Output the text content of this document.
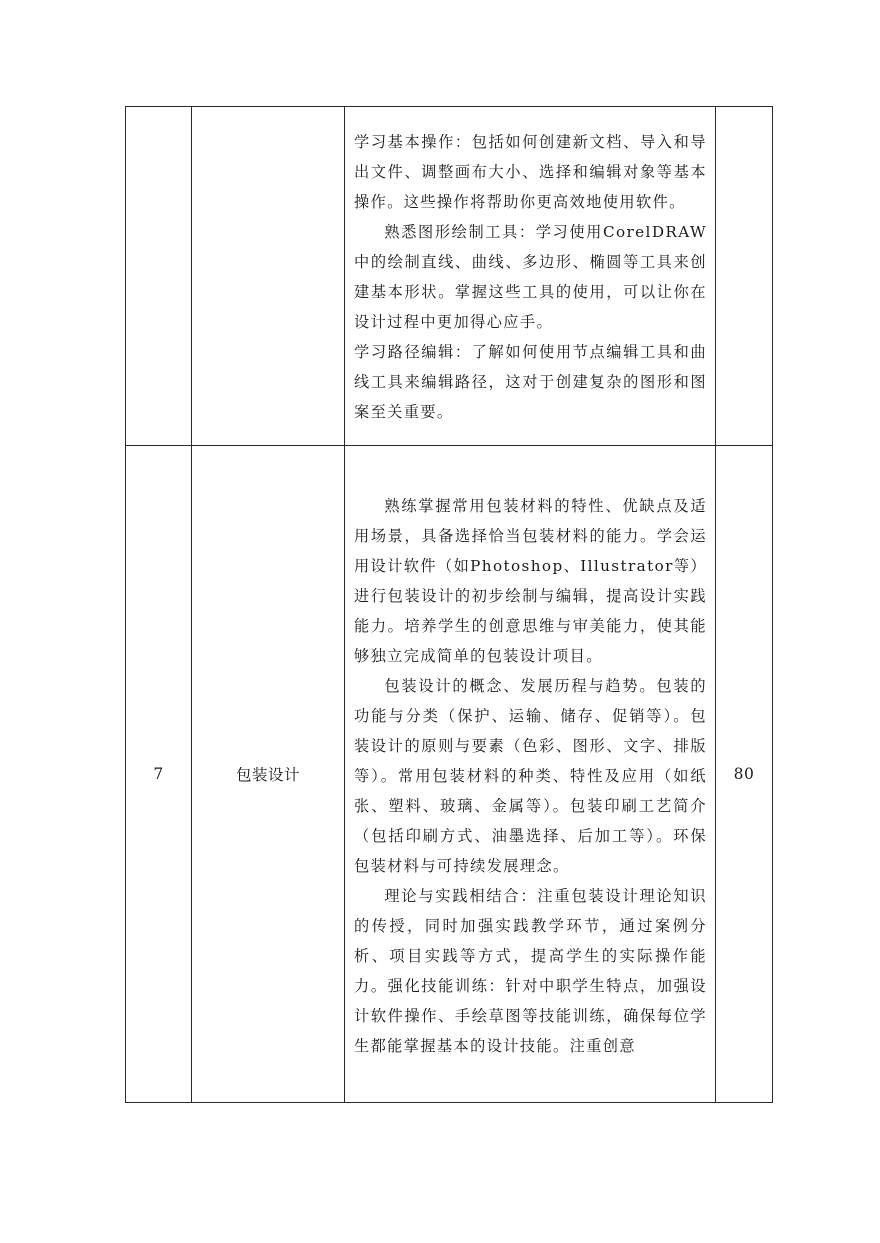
		学习基本操作：包括如何创建新文档、导入和导出文件、调整画布大小、选择和编辑对象等基本操作。这些操作将帮助你更高效地使用软件。

熟悉图形绘制工具：学习使用CorelDRAW中的绘制直线、曲线、多边形、椭圆等工具来创建基本形状。掌握这些工具的使用，可以让你在设计过程中更加得心应手。

学习路径编辑：了解如何使用节点编辑工具和曲线工具来编辑路径，这对于创建复杂的图形和图案至关重要。	

7	包装设计	熟练掌握常用包装材料的特性、优缺点及适用场景，具备选择恰当包装材料的能力。学会运用设计软件（如Photoshop、Illustrator等）进行包装设计的初步绘制与编辑，提高设计实践能力。培养学生的创意思维与审美能力，使其能够独立完成简单的包装设计项目。

包装设计的概念、发展历程与趋势。包装的功能与分类（保护、运输、储存、促销等）。包装设计的原则与要素（色彩、图形、文字、排版等）。常用包装材料的种类、特性及应用（如纸张、塑料、玻璃、金属等）。包装印刷工艺简介（包括印刷方式、油墨选择、后加工等）。环保包装材料与可持续发展理念。

理论与实践相结合：注重包装设计理论知识的传授，同时加强实践教学环节，通过案例分析、项目实践等方式，提高学生的实际操作能力。强化技能训练：针对中职学生特点，加强设计软件操作、手绘草图等技能训练，确保每位学生都能掌握基本的设计技能。注重创意	80
